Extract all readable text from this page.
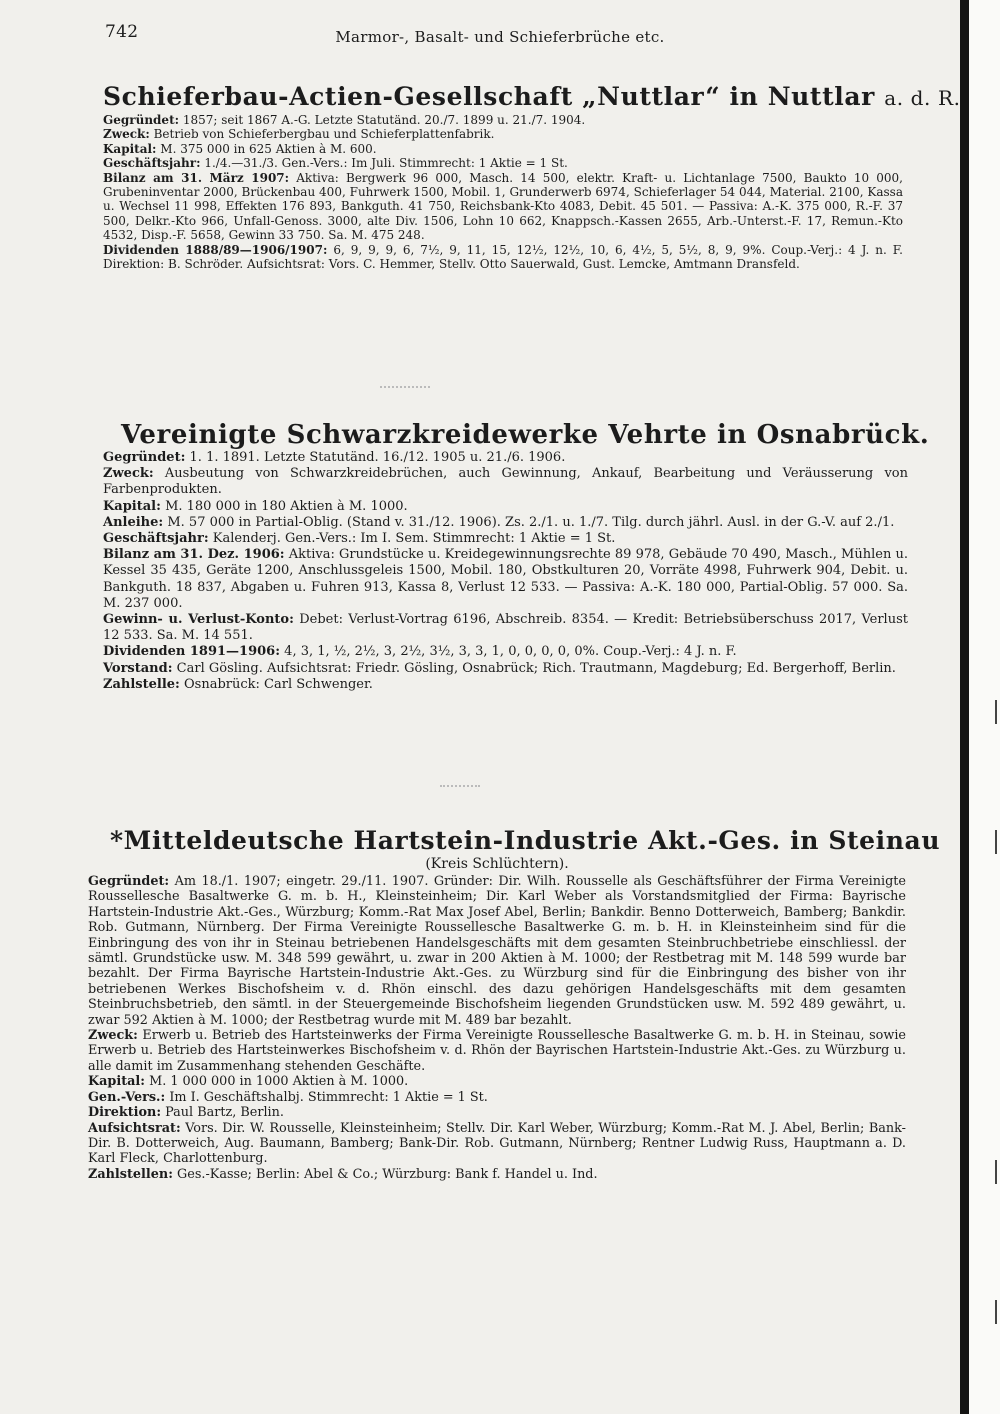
742	Marmor-, Basalt- und Schieferbrüche etc.
Schieferbau-Actien-Gesellschaft „Nuttlar“ in Nuttlar a. d. R.

Gegründet: 1857; seit 1867 A.-G. Letzte Statutänd. 20./7. 1899 u. 21./7. 1904.

Zweck: Betrieb von Schieferbergbau und Schieferplattenfabrik.

Kapital: M. 375 000 in 625 Aktien à M. 600.

Geschäftsjahr: 1./4.—31./3. Gen.-Vers.: Im Juli. Stimmrecht: 1 Aktie = 1 St.

Bilanz am 31. März 1907: Aktiva: Bergwerk 96 000, Masch. 14 500, elektr. Kraft- u. Lichtanlage 7500, Baukto 10 000, Grubeninventar 2000, Brückenbau 400, Fuhrwerk 1500, Mobil. 1, Grunderwerb 6974, Schieferlager 54 044, Material. 2100, Kassa u. Wechsel 11 998, Effekten 176 893, Bankguth. 41 750, Reichsbank-Kto 4083, Debit. 45 501. — Passiva: A.-K. 375 000, R.-F. 37 500, Delkr.-Kto 966, Unfall-Genoss. 3000, alte Div. 1506, Lohn 10 662, Knappsch.-Kassen 2655, Arb.-Unterst.-F. 17, Remun.-Kto 4532, Disp.-F. 5658, Gewinn 33 750. Sa. M. 475 248.

Dividenden 1888/89—1906/1907: 6, 9, 9, 9, 6, 7½, 9, 11, 15, 12½, 12½, 10, 6, 4½, 5, 5½, 8, 9, 9%. Coup.-Verj.: 4 J. n. F. Direktion: B. Schröder. Aufsichtsrat: Vors. C. Hemmer, Stellv. Otto Sauerwald, Gust. Lemcke, Amtmann Dransfeld.

Vereinigte Schwarzkreidewerke Vehrte in Osnabrück.

Gegründet: 1. 1. 1891. Letzte Statutänd. 16./12. 1905 u. 21./6. 1906.

Zweck: Ausbeutung von Schwarzkreidebrüchen, auch Gewinnung, Ankauf, Bearbeitung und Veräusserung von Farbenprodukten.

Kapital: M. 180 000 in 180 Aktien à M. 1000.

Anleihe: M. 57 000 in Partial-Oblig. (Stand v. 31./12. 1906). Zs. 2./1. u. 1./7. Tilg. durch jährl. Ausl. in der G.-V. auf 2./1.

Geschäftsjahr: Kalenderj. Gen.-Vers.: Im I. Sem. Stimmrecht: 1 Aktie = 1 St.

Bilanz am 31. Dez. 1906: Aktiva: Grundstücke u. Kreidegewinnungsrechte 89 978, Gebäude 70 490, Masch., Mühlen u. Kessel 35 435, Geräte 1200, Anschlussgeleis 1500, Mobil. 180, Obstkulturen 20, Vorräte 4998, Fuhrwerk 904, Debit. u. Bankguth. 18 837, Abgaben u. Fuhren 913, Kassa 8, Verlust 12 533. — Passiva: A.-K. 180 000, Partial-Oblig. 57 000. Sa. M. 237 000.

Gewinn- u. Verlust-Konto: Debet: Verlust-Vortrag 6196, Abschreib. 8354. — Kredit: Betriebsüberschuss 2017, Verlust 12 533. Sa. M. 14 551.

Dividenden 1891—1906: 4, 3, 1, ½, 2½, 3, 2½, 3½, 3, 3, 1, 0, 0, 0, 0, 0%. Coup.-Verj.: 4 J. n. F.

Vorstand: Carl Gösling. Aufsichtsrat: Friedr. Gösling, Osnabrück; Rich. Trautmann, Magdeburg; Ed. Bergerhoff, Berlin.

Zahlstelle: Osnabrück: Carl Schwenger.

*Mitteldeutsche Hartstein-Industrie Akt.-Ges. in Steinau
(Kreis Schlüchtern).

Gegründet: Am 18./1. 1907; eingetr. 29./11. 1907. Gründer: Dir. Wilh. Rousselle als Geschäftsführer der Firma Vereinigte Roussellesche Basaltwerke G. m. b. H., Kleinsteinheim; Dir. Karl Weber als Vorstandsmitglied der Firma: Bayrische Hartstein-Industrie Akt.-Ges., Würzburg; Komm.-Rat Max Josef Abel, Berlin; Bankdir. Benno Dotterweich, Bamberg; Bankdir. Rob. Gutmann, Nürnberg. Der Firma Vereinigte Roussellesche Basaltwerke G. m. b. H. in Kleinsteinheim sind für die Einbringung des von ihr in Steinau betriebenen Handelsgeschäfts mit dem gesamten Steinbruchbetriebe einschliessl. der sämtl. Grundstücke usw. M. 348 599 gewährt, u. zwar in 200 Aktien à M. 1000; der Restbetrag mit M. 148 599 wurde bar bezahlt. Der Firma Bayrische Hartstein-Industrie Akt.-Ges. zu Würzburg sind für die Einbringung des bisher von ihr betriebenen Werkes Bischofsheim v. d. Rhön einschl. des dazu gehörigen Handelsgeschäfts mit dem gesamten Steinbruchsbetrieb, den sämtl. in der Steuergemeinde Bischofsheim liegenden Grundstücken usw. M. 592 489 gewährt, u. zwar 592 Aktien à M. 1000; der Restbetrag wurde mit M. 489 bar bezahlt.

Zweck: Erwerb u. Betrieb des Hartsteinwerks der Firma Vereinigte Roussellesche Basaltwerke G. m. b. H. in Steinau, sowie Erwerb u. Betrieb des Hartsteinwerkes Bischofsheim v. d. Rhön der Bayrischen Hartstein-Industrie Akt.-Ges. zu Würzburg u. alle damit im Zusammenhang stehenden Geschäfte.

Kapital: M. 1 000 000 in 1000 Aktien à M. 1000.

Gen.-Vers.: Im I. Geschäftshalbj. Stimmrecht: 1 Aktie = 1 St.

Direktion: Paul Bartz, Berlin.

Aufsichtsrat: Vors. Dir. W. Rousselle, Kleinsteinheim; Stellv. Dir. Karl Weber, Würzburg; Komm.-Rat M. J. Abel, Berlin; Bank-Dir. B. Dotterweich, Aug. Baumann, Bamberg; Bank-Dir. Rob. Gutmann, Nürnberg; Rentner Ludwig Russ, Hauptmann a. D. Karl Fleck, Charlottenburg.

Zahlstellen: Ges.-Kasse; Berlin: Abel & Co.; Würzburg: Bank f. Handel u. Ind.
